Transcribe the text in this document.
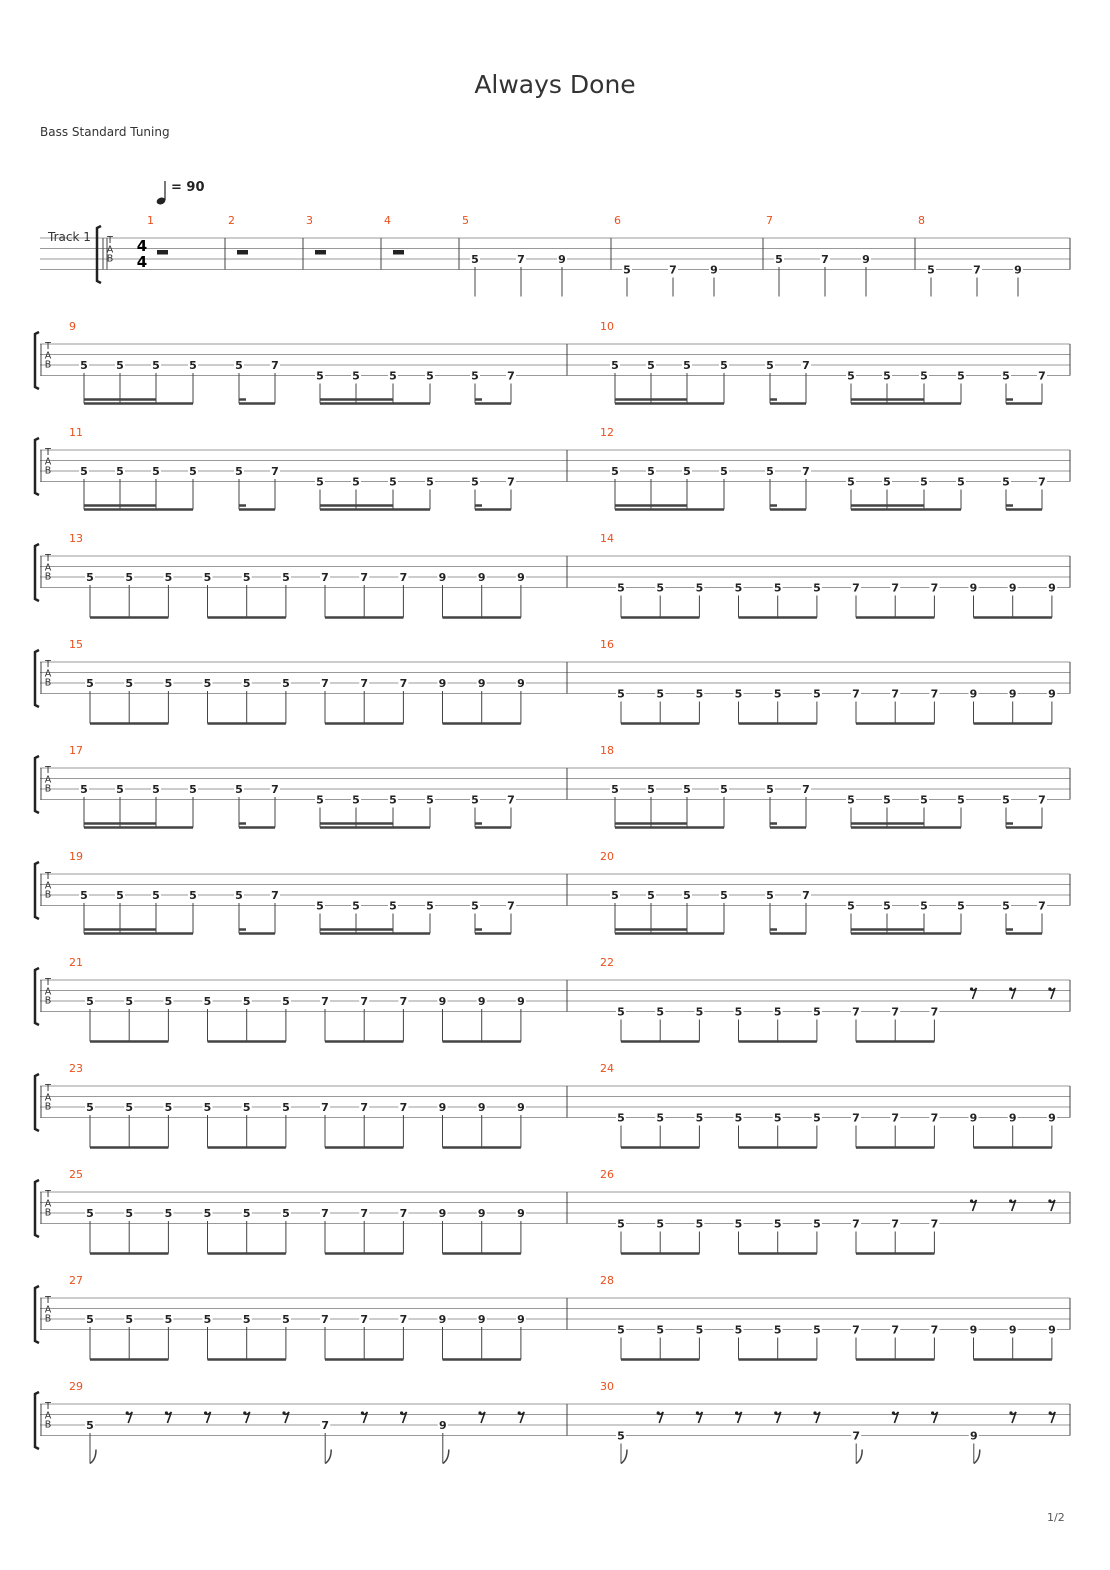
Always Done
Bass Standard Tuning
= 90
1/2
T
A
B
Track 1	4
4
1	2	3	4	5
5	7	9
6
5	7	9
7
5	7	9
8
5	7	9
T
A
B
9
5	5	5	5	5	7
5	5	5	5	5	7
10
5	5	5	5	5	7
5	5	5	5	5	7
T
A
B
11
5	5	5	5	5	7
5	5	5	5	5	7
12
5	5	5	5	5	7
5	5	5	5	5	7
T
A
B
13
5	5	5	5	5	5	7	7	7	9	9	9
14
5	5	5	5	5	5	7	7	7	9	9	9
T
A
B
15
5	5	5	5	5	5	7	7	7	9	9	9
16
5	5	5	5	5	5	7	7	7	9	9	9
T
A
B
17
5	5	5	5	5	7
5	5	5	5	5	7
18
5	5	5	5	5	7
5	5	5	5	5	7
T
A
B
19
5	5	5	5	5	7
5	5	5	5	5	7
20
5	5	5	5	5	7
5	5	5	5	5	7
T
A
B
21
5	5	5	5	5	5	7	7	7	9	9	9
22
5	5	5	5	5	5	7	7	7
T
A
B
23
5	5	5	5	5	5	7	7	7	9	9	9
24
5	5	5	5	5	5	7	7	7	9	9	9
T
A
B
25
5	5	5	5	5	5	7	7	7	9	9	9
26
5	5	5	5	5	5	7	7	7
T
A
B
27
5	5	5	5	5	5	7	7	7	9	9	9
28
5	5	5	5	5	5	7	7	7	9	9	9
T
A
B
29
5	7	9
30
5	7	9
